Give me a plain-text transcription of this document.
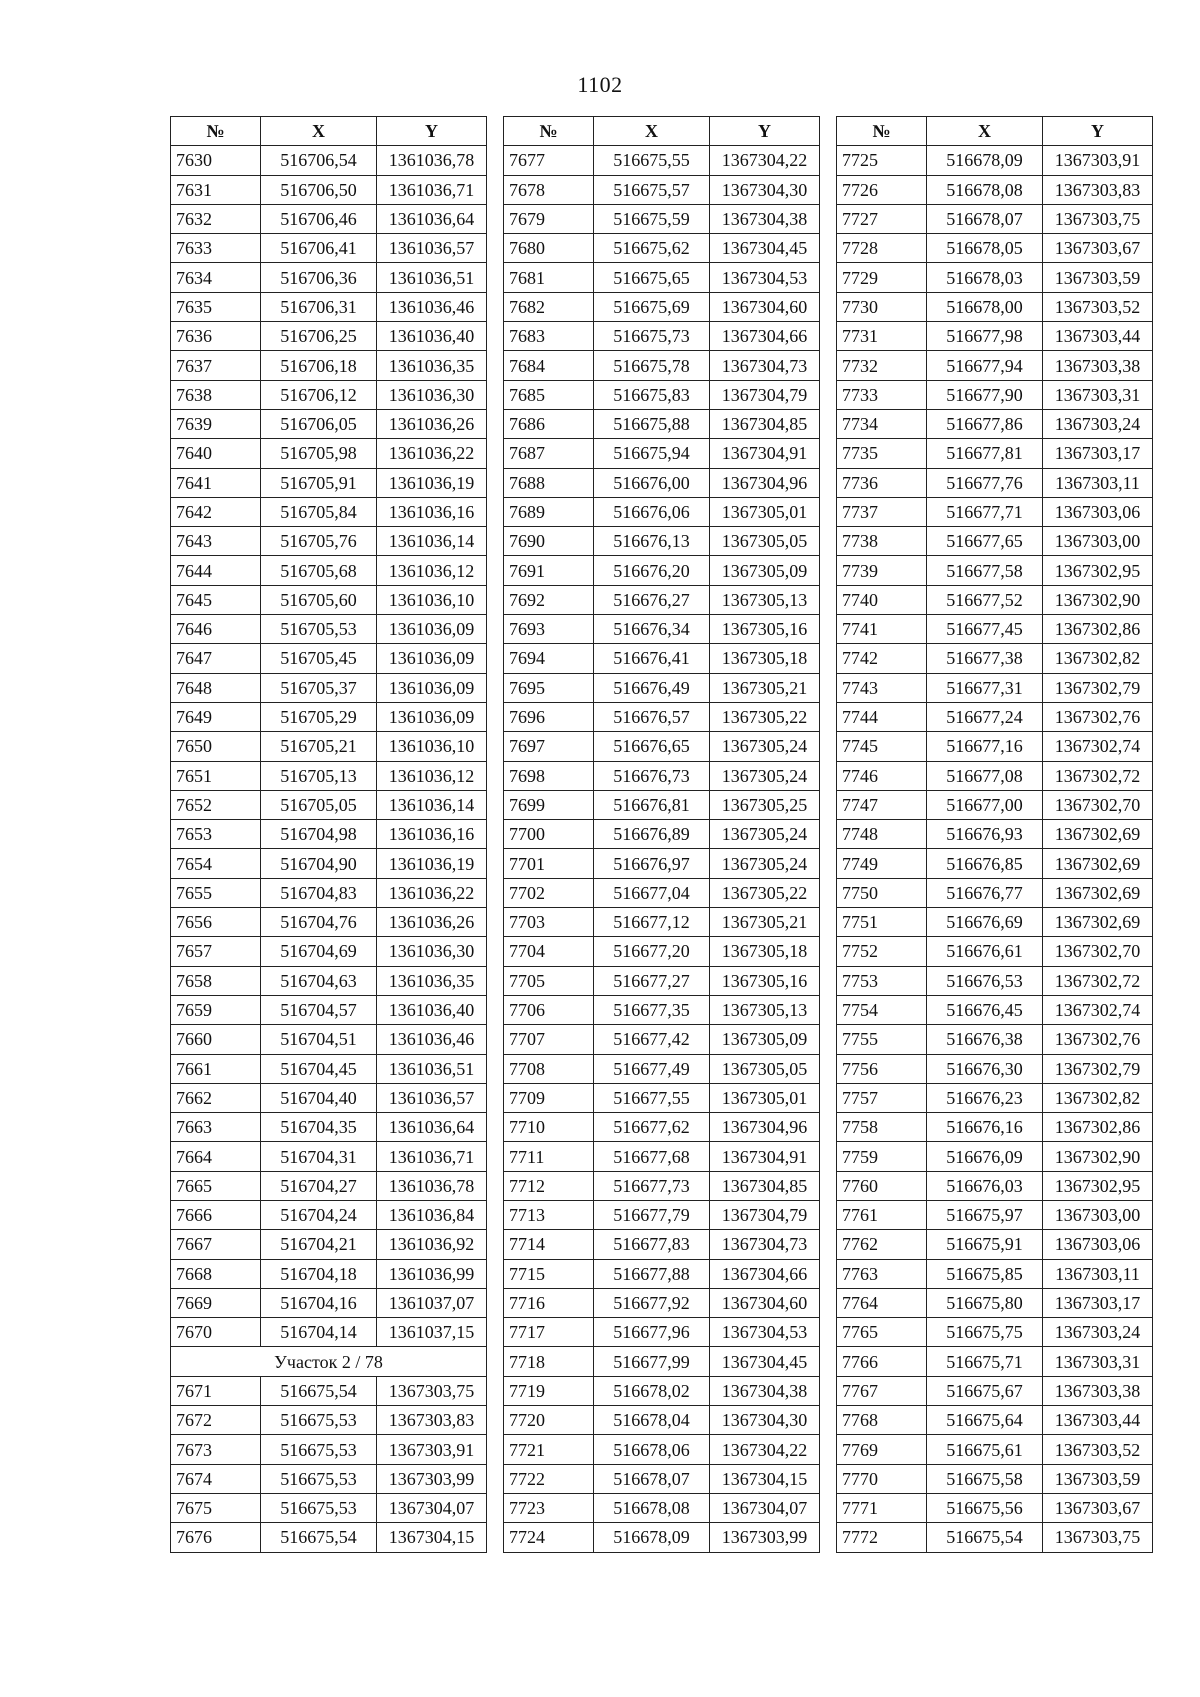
1102
№	X	Y
7630	516706,54	1361036,78
7631	516706,50	1361036,71
7632	516706,46	1361036,64
7633	516706,41	1361036,57
7634	516706,36	1361036,51
7635	516706,31	1361036,46
7636	516706,25	1361036,40
7637	516706,18	1361036,35
7638	516706,12	1361036,30
7639	516706,05	1361036,26
7640	516705,98	1361036,22
7641	516705,91	1361036,19
7642	516705,84	1361036,16
7643	516705,76	1361036,14
7644	516705,68	1361036,12
7645	516705,60	1361036,10
7646	516705,53	1361036,09
7647	516705,45	1361036,09
7648	516705,37	1361036,09
7649	516705,29	1361036,09
7650	516705,21	1361036,10
7651	516705,13	1361036,12
7652	516705,05	1361036,14
7653	516704,98	1361036,16
7654	516704,90	1361036,19
7655	516704,83	1361036,22
7656	516704,76	1361036,26
7657	516704,69	1361036,30
7658	516704,63	1361036,35
7659	516704,57	1361036,40
7660	516704,51	1361036,46
7661	516704,45	1361036,51
7662	516704,40	1361036,57
7663	516704,35	1361036,64
7664	516704,31	1361036,71
7665	516704,27	1361036,78
7666	516704,24	1361036,84
7667	516704,21	1361036,92
7668	516704,18	1361036,99
7669	516704,16	1361037,07
7670	516704,14	1361037,15
Участок 2 / 78		
7671	516675,54	1367303,75
7672	516675,53	1367303,83
7673	516675,53	1367303,91
7674	516675,53	1367303,99
7675	516675,53	1367304,07
7676	516675,54	1367304,15
№	X	Y
7677	516675,55	1367304,22
7678	516675,57	1367304,30
7679	516675,59	1367304,38
7680	516675,62	1367304,45
7681	516675,65	1367304,53
7682	516675,69	1367304,60
7683	516675,73	1367304,66
7684	516675,78	1367304,73
7685	516675,83	1367304,79
7686	516675,88	1367304,85
7687	516675,94	1367304,91
7688	516676,00	1367304,96
7689	516676,06	1367305,01
7690	516676,13	1367305,05
7691	516676,20	1367305,09
7692	516676,27	1367305,13
7693	516676,34	1367305,16
7694	516676,41	1367305,18
7695	516676,49	1367305,21
7696	516676,57	1367305,22
7697	516676,65	1367305,24
7698	516676,73	1367305,24
7699	516676,81	1367305,25
7700	516676,89	1367305,24
7701	516676,97	1367305,24
7702	516677,04	1367305,22
7703	516677,12	1367305,21
7704	516677,20	1367305,18
7705	516677,27	1367305,16
7706	516677,35	1367305,13
7707	516677,42	1367305,09
7708	516677,49	1367305,05
7709	516677,55	1367305,01
7710	516677,62	1367304,96
7711	516677,68	1367304,91
7712	516677,73	1367304,85
7713	516677,79	1367304,79
7714	516677,83	1367304,73
7715	516677,88	1367304,66
7716	516677,92	1367304,60
7717	516677,96	1367304,53
7718	516677,99	1367304,45
7719	516678,02	1367304,38
7720	516678,04	1367304,30
7721	516678,06	1367304,22
7722	516678,07	1367304,15
7723	516678,08	1367304,07
7724	516678,09	1367303,99
№	X	Y
7725	516678,09	1367303,91
7726	516678,08	1367303,83
7727	516678,07	1367303,75
7728	516678,05	1367303,67
7729	516678,03	1367303,59
7730	516678,00	1367303,52
7731	516677,98	1367303,44
7732	516677,94	1367303,38
7733	516677,90	1367303,31
7734	516677,86	1367303,24
7735	516677,81	1367303,17
7736	516677,76	1367303,11
7737	516677,71	1367303,06
7738	516677,65	1367303,00
7739	516677,58	1367302,95
7740	516677,52	1367302,90
7741	516677,45	1367302,86
7742	516677,38	1367302,82
7743	516677,31	1367302,79
7744	516677,24	1367302,76
7745	516677,16	1367302,74
7746	516677,08	1367302,72
7747	516677,00	1367302,70
7748	516676,93	1367302,69
7749	516676,85	1367302,69
7750	516676,77	1367302,69
7751	516676,69	1367302,69
7752	516676,61	1367302,70
7753	516676,53	1367302,72
7754	516676,45	1367302,74
7755	516676,38	1367302,76
7756	516676,30	1367302,79
7757	516676,23	1367302,82
7758	516676,16	1367302,86
7759	516676,09	1367302,90
7760	516676,03	1367302,95
7761	516675,97	1367303,00
7762	516675,91	1367303,06
7763	516675,85	1367303,11
7764	516675,80	1367303,17
7765	516675,75	1367303,24
7766	516675,71	1367303,31
7767	516675,67	1367303,38
7768	516675,64	1367303,44
7769	516675,61	1367303,52
7770	516675,58	1367303,59
7771	516675,56	1367303,67
7772	516675,54	1367303,75
